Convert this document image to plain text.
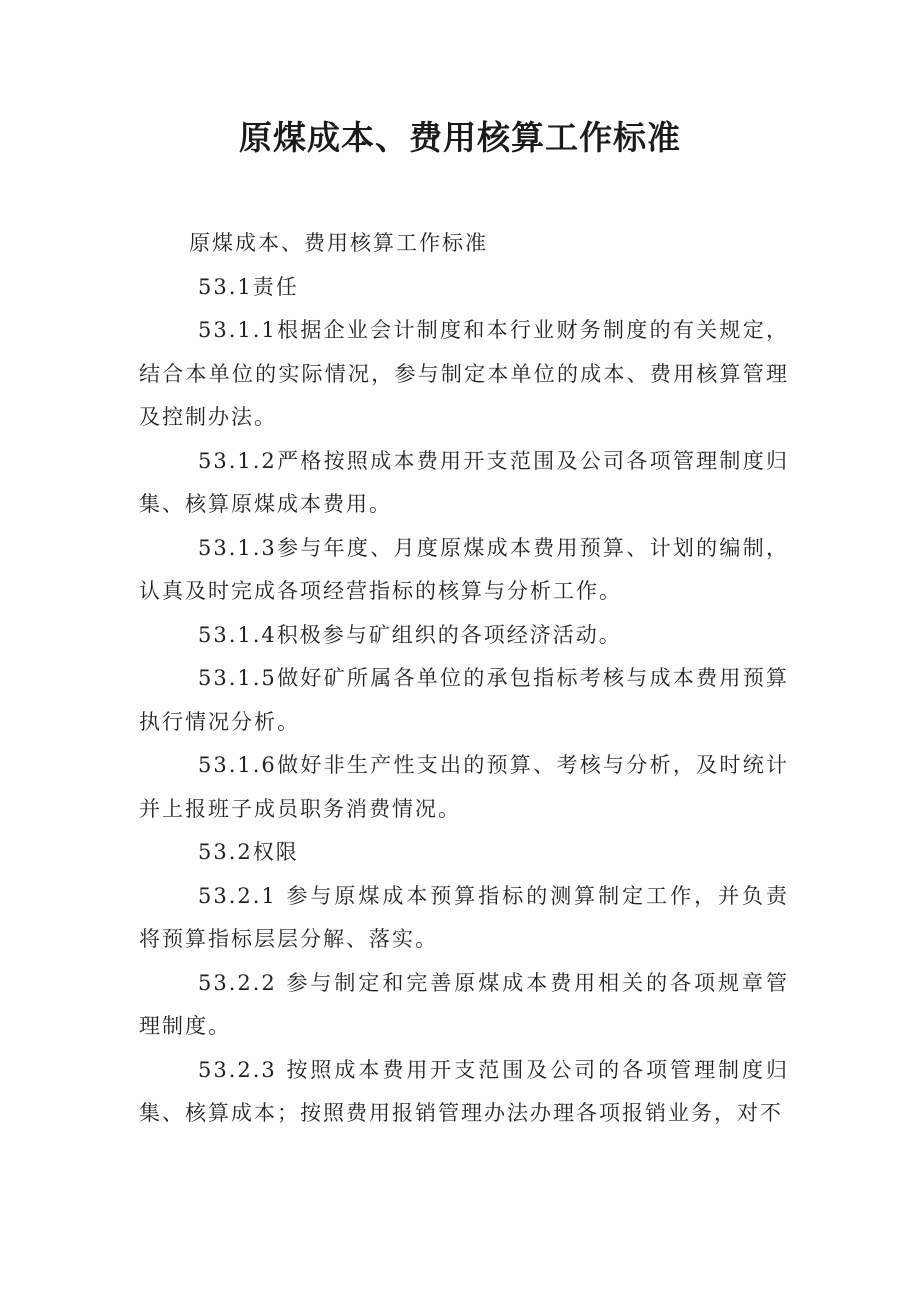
原煤成本、费用核算工作标准

原煤成本、费用核算工作标准

53.1责任

53.1.1根据企业会计制度和本行业财务制度的有关规定，结合本单位的实际情况，参与制定本单位的成本、费用核算管理及控制办法。

53.1.2严格按照成本费用开支范围及公司各项管理制度归集、核算原煤成本费用。

53.1.3参与年度、月度原煤成本费用预算、计划的编制，认真及时完成各项经营指标的核算与分析工作。

53.1.4积极参与矿组织的各项经济活动。

53.1.5做好矿所属各单位的承包指标考核与成本费用预算执行情况分析。

53.1.6做好非生产性支出的预算、考核与分析，及时统计并上报班子成员职务消费情况。

53.2权限

53.2.1 参与原煤成本预算指标的测算制定工作，并负责将预算指标层层分解、落实。

53.2.2 参与制定和完善原煤成本费用相关的各项规章管理制度。

53.2.3 按照成本费用开支范围及公司的各项管理制度归集、核算成本；按照费用报销管理办法办理各项报销业务，对不
